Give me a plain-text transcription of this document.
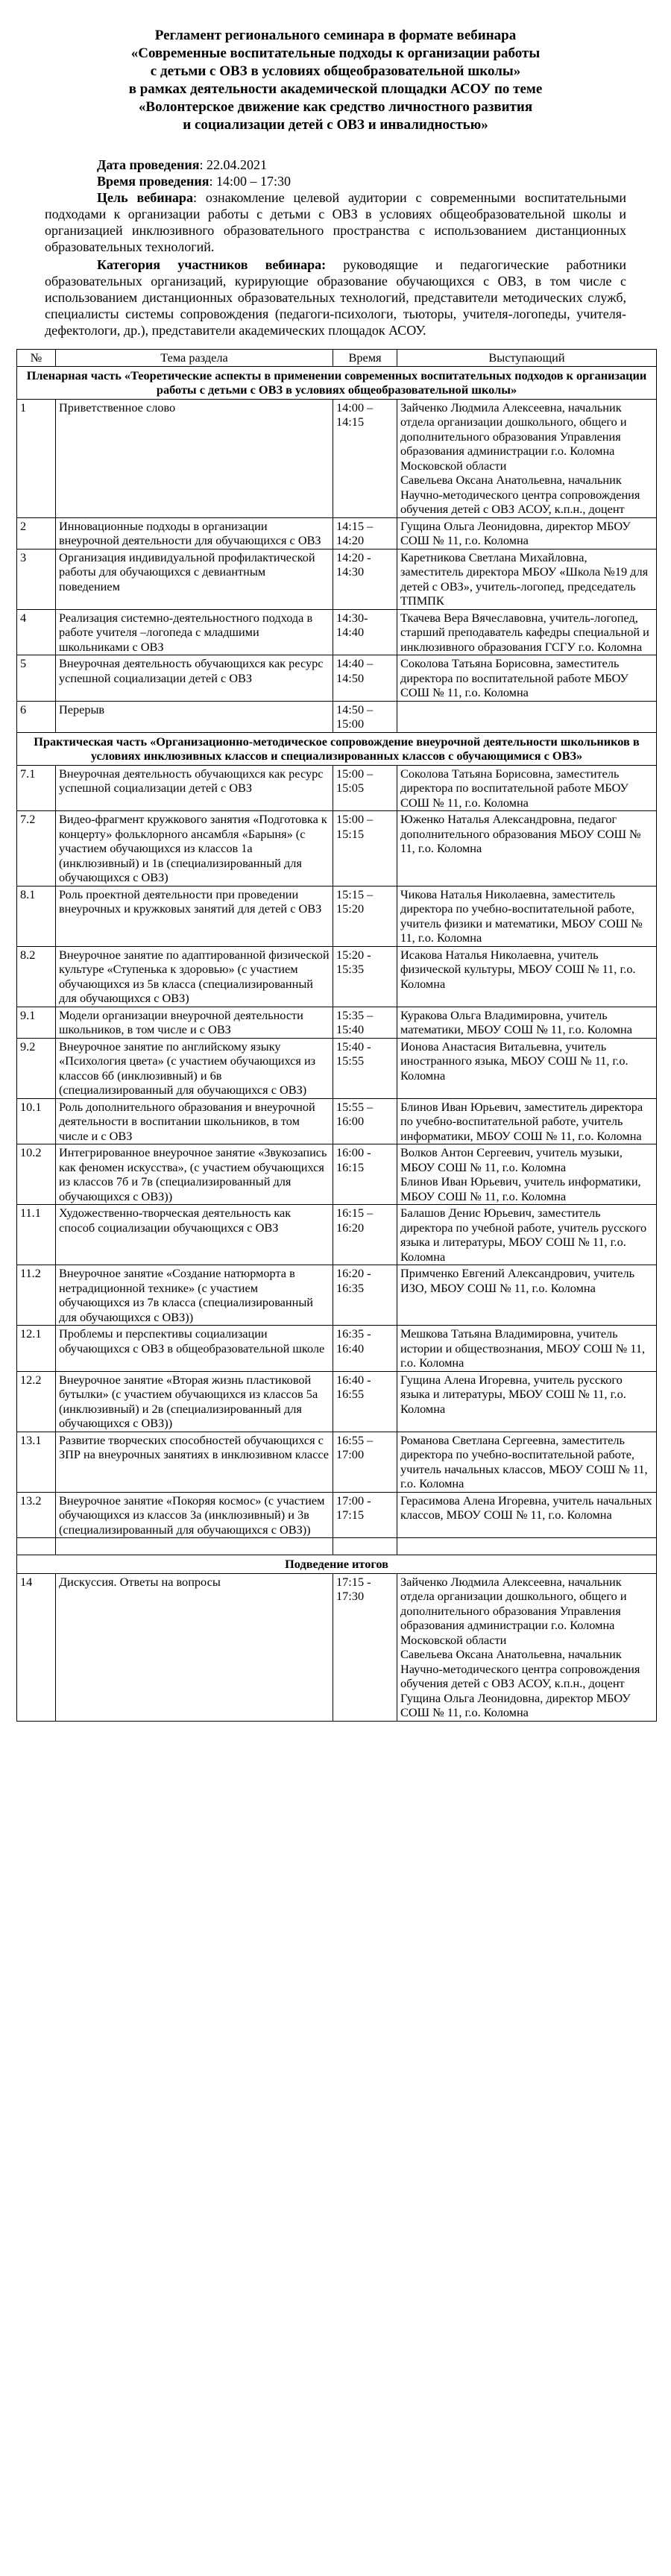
Регламент регионального семинара в формате вебинара
«Современные воспитательные подходы к организации работы
с детьми с ОВЗ в условиях общеобразовательной школы»
в рамках деятельности академической площадки АСОУ по теме
«Волонтерское движение как средство личностного развития
и социализации детей с ОВЗ и инвалидностью»

Дата проведения: 22.04.2021

Время проведения: 14:00 – 17:30

Цель вебинара: ознакомление целевой аудитории с современными воспитательными подходами к организации работы с детьми с ОВЗ в условиях общеобразовательной школы и организацией инклюзивного образовательного пространства с использованием дистанционных образовательных технологий.

Категория участников вебинара: руководящие и педагогические работники образовательных организаций, курирующие образование обучающихся с ОВЗ, в том числе с использованием дистанционных образовательных технологий, представители методических служб, специалисты системы сопровождения (педагоги-психологи, тьюторы, учителя-логопеды, учителя-дефектологи, др.), представители академических площадок АСОУ.

№	Тема раздела	Время	Выступающий
Пленарная часть «Теоретические аспекты в применении современных воспитательных подходов к организации работы с детьми с ОВЗ в условиях общеобразовательной школы»			
1	Приветственное слово	14:00 – 14:15	Зайченко Людмила Алексеевна, начальник отдела организации дошкольного, общего и дополнительного образования Управления образования администрации г.о. Коломна Московской области
Савельева Оксана Анатольевна, начальник Научно-методического центра сопровождения обучения детей с ОВЗ АСОУ, к.п.н., доцент

2	Инновационные подходы в организации внеурочной деятельности для обучающихся с ОВЗ	14:15 – 14:20	Гущина Ольга Леонидовна, директор МБОУ СОШ № 11, г.о. Коломна

3	Организация индивидуальной профилактической работы для обучающихся с девиантным поведением	14:20 - 14:30	Каретникова Светлана Михайловна, заместитель директора МБОУ «Школа №19 для детей с ОВЗ», учитель-логопед, председатель ТПМПК

4	Реализация системно-деятельностного подхода в работе учителя –логопеда с младшими школьниками с ОВЗ	14:30-14:40	Ткачева Вера Вячеславовна, учитель-логопед, старший преподаватель кафедры специальной и инклюзивного образования ГСГУ г.о. Коломна

5	Внеурочная деятельность обучающихся как ресурс успешной социализации детей с ОВЗ	14:40 – 14:50	Соколова Татьяна Борисовна, заместитель директора по воспитательной работе МБОУ СОШ № 11, г.о. Коломна

6	Перерыв	14:50 – 15:00	

Практическая часть «Организационно-методическое сопровождение внеурочной деятельности школьников в условиях инклюзивных классов и специализированных классов с обучающимися с ОВЗ»			
7.1	Внеурочная деятельность обучающихся как ресурс успешной социализации детей с ОВЗ	15:00 – 15:05	Соколова Татьяна Борисовна, заместитель директора по воспитательной работе МБОУ СОШ № 11, г.о. Коломна

7.2	Видео-фрагмент кружкового занятия «Подготовка к концерту» фольклорного ансамбля «Барыня» (с участием обучающихся из классов 1а (инклюзивный) и 1в (специализированный для обучающихся с ОВЗ)	15:00 – 15:15	Юженко Наталья Александровна, педагог дополнительного образования МБОУ СОШ № 11, г.о. Коломна

8.1	Роль проектной деятельности при проведении внеурочных и кружковых занятий для детей с ОВЗ	15:15 – 15:20	Чикова Наталья Николаевна, заместитель директора по учебно-воспитательной работе, учитель физики и математики, МБОУ СОШ № 11, г.о. Коломна

8.2	Внеурочное занятие по адаптированной физической культуре «Ступенька к здоровью» (с участием обучающихся из 5в класса (специализированный для обучающихся с ОВЗ)	15:20 - 15:35	Исакова Наталья Николаевна, учитель физической культуры, МБОУ СОШ № 11, г.о. Коломна

9.1	Модели организации внеурочной деятельности школьников, в том числе и с ОВЗ	15:35 – 15:40	Куракова Ольга Владимировна, учитель математики, МБОУ СОШ № 11, г.о. Коломна

9.2	Внеурочное занятие по английскому языку «Психология цвета» (с участием обучающихся из классов 6б (инклюзивный) и 6в (специализированный для обучающихся с ОВЗ)	15:40 - 15:55	Ионова Анастасия Витальевна, учитель иностранного языка, МБОУ СОШ № 11, г.о. Коломна

10.1	Роль дополнительного образования и внеурочной деятельности в воспитании школьников, в том числе и с ОВЗ	15:55 – 16:00	Блинов Иван Юрьевич, заместитель директора по учебно-воспитательной работе, учитель информатики, МБОУ СОШ № 11, г.о. Коломна

10.2	Интегрированное внеурочное занятие «Звукозапись как феномен искусства», (с участием обучающихся из классов 7б и 7в (специализированный для обучающихся с ОВЗ))	16:00 - 16:15	Волков Антон Сергеевич, учитель музыки, МБОУ СОШ № 11, г.о. Коломна
Блинов Иван Юрьевич, учитель информатики, МБОУ СОШ № 11, г.о. Коломна

11.1	Художественно-творческая деятельность как способ социализации обучающихся с ОВЗ	16:15 – 16:20	Балашов Денис Юрьевич, заместитель директора по учебной работе, учитель русского языка и литературы, МБОУ СОШ № 11, г.о. Коломна

11.2	Внеурочное занятие «Создание натюрморта в нетрадиционной технике» (с участием обучающихся из 7в класса (специализированный для обучающихся с ОВЗ))	16:20 - 16:35	Примченко Евгений Александрович, учитель ИЗО, МБОУ СОШ № 11, г.о. Коломна

12.1	Проблемы и перспективы социализации обучающихся с ОВЗ в общеобразовательной школе	16:35 - 16:40	Мешкова Татьяна Владимировна, учитель истории и обществознания, МБОУ СОШ № 11, г.о. Коломна

12.2	Внеурочное занятие «Вторая жизнь пластиковой бутылки» (с участием обучающихся из классов 5а (инклюзивный) и 2в (специализированный для обучающихся с ОВЗ))	16:40 - 16:55	Гущина Алена Игоревна, учитель русского языка и литературы, МБОУ СОШ № 11, г.о. Коломна

13.1	Развитие творческих способностей обучающихся с ЗПР на внеурочных занятиях в инклюзивном классе	16:55 – 17:00	Романова Светлана Сергеевна, заместитель директора по учебно-воспитательной работе, учитель начальных классов, МБОУ СОШ № 11, г.о. Коломна

13.2	Внеурочное занятие «Покоряя космос» (с участием обучающихся из классов 3а (инклюзивный) и 3в (специализированный для обучающихся с ОВЗ))	17:00 - 17:15	Герасимова Алена Игоревна, учитель начальных классов, МБОУ СОШ № 11, г.о. Коломна

Подведение итогов			
14	Дискуссия. Ответы на вопросы	17:15 - 17:30	Зайченко Людмила Алексеевна, начальник отдела организации дошкольного, общего и дополнительного образования Управления образования администрации г.о. Коломна Московской области
Савельева Оксана Анатольевна, начальник Научно-методического центра сопровождения обучения детей с ОВЗ АСОУ, к.п.н., доцент
Гущина Ольга Леонидовна, директор МБОУ СОШ № 11, г.о. Коломна
